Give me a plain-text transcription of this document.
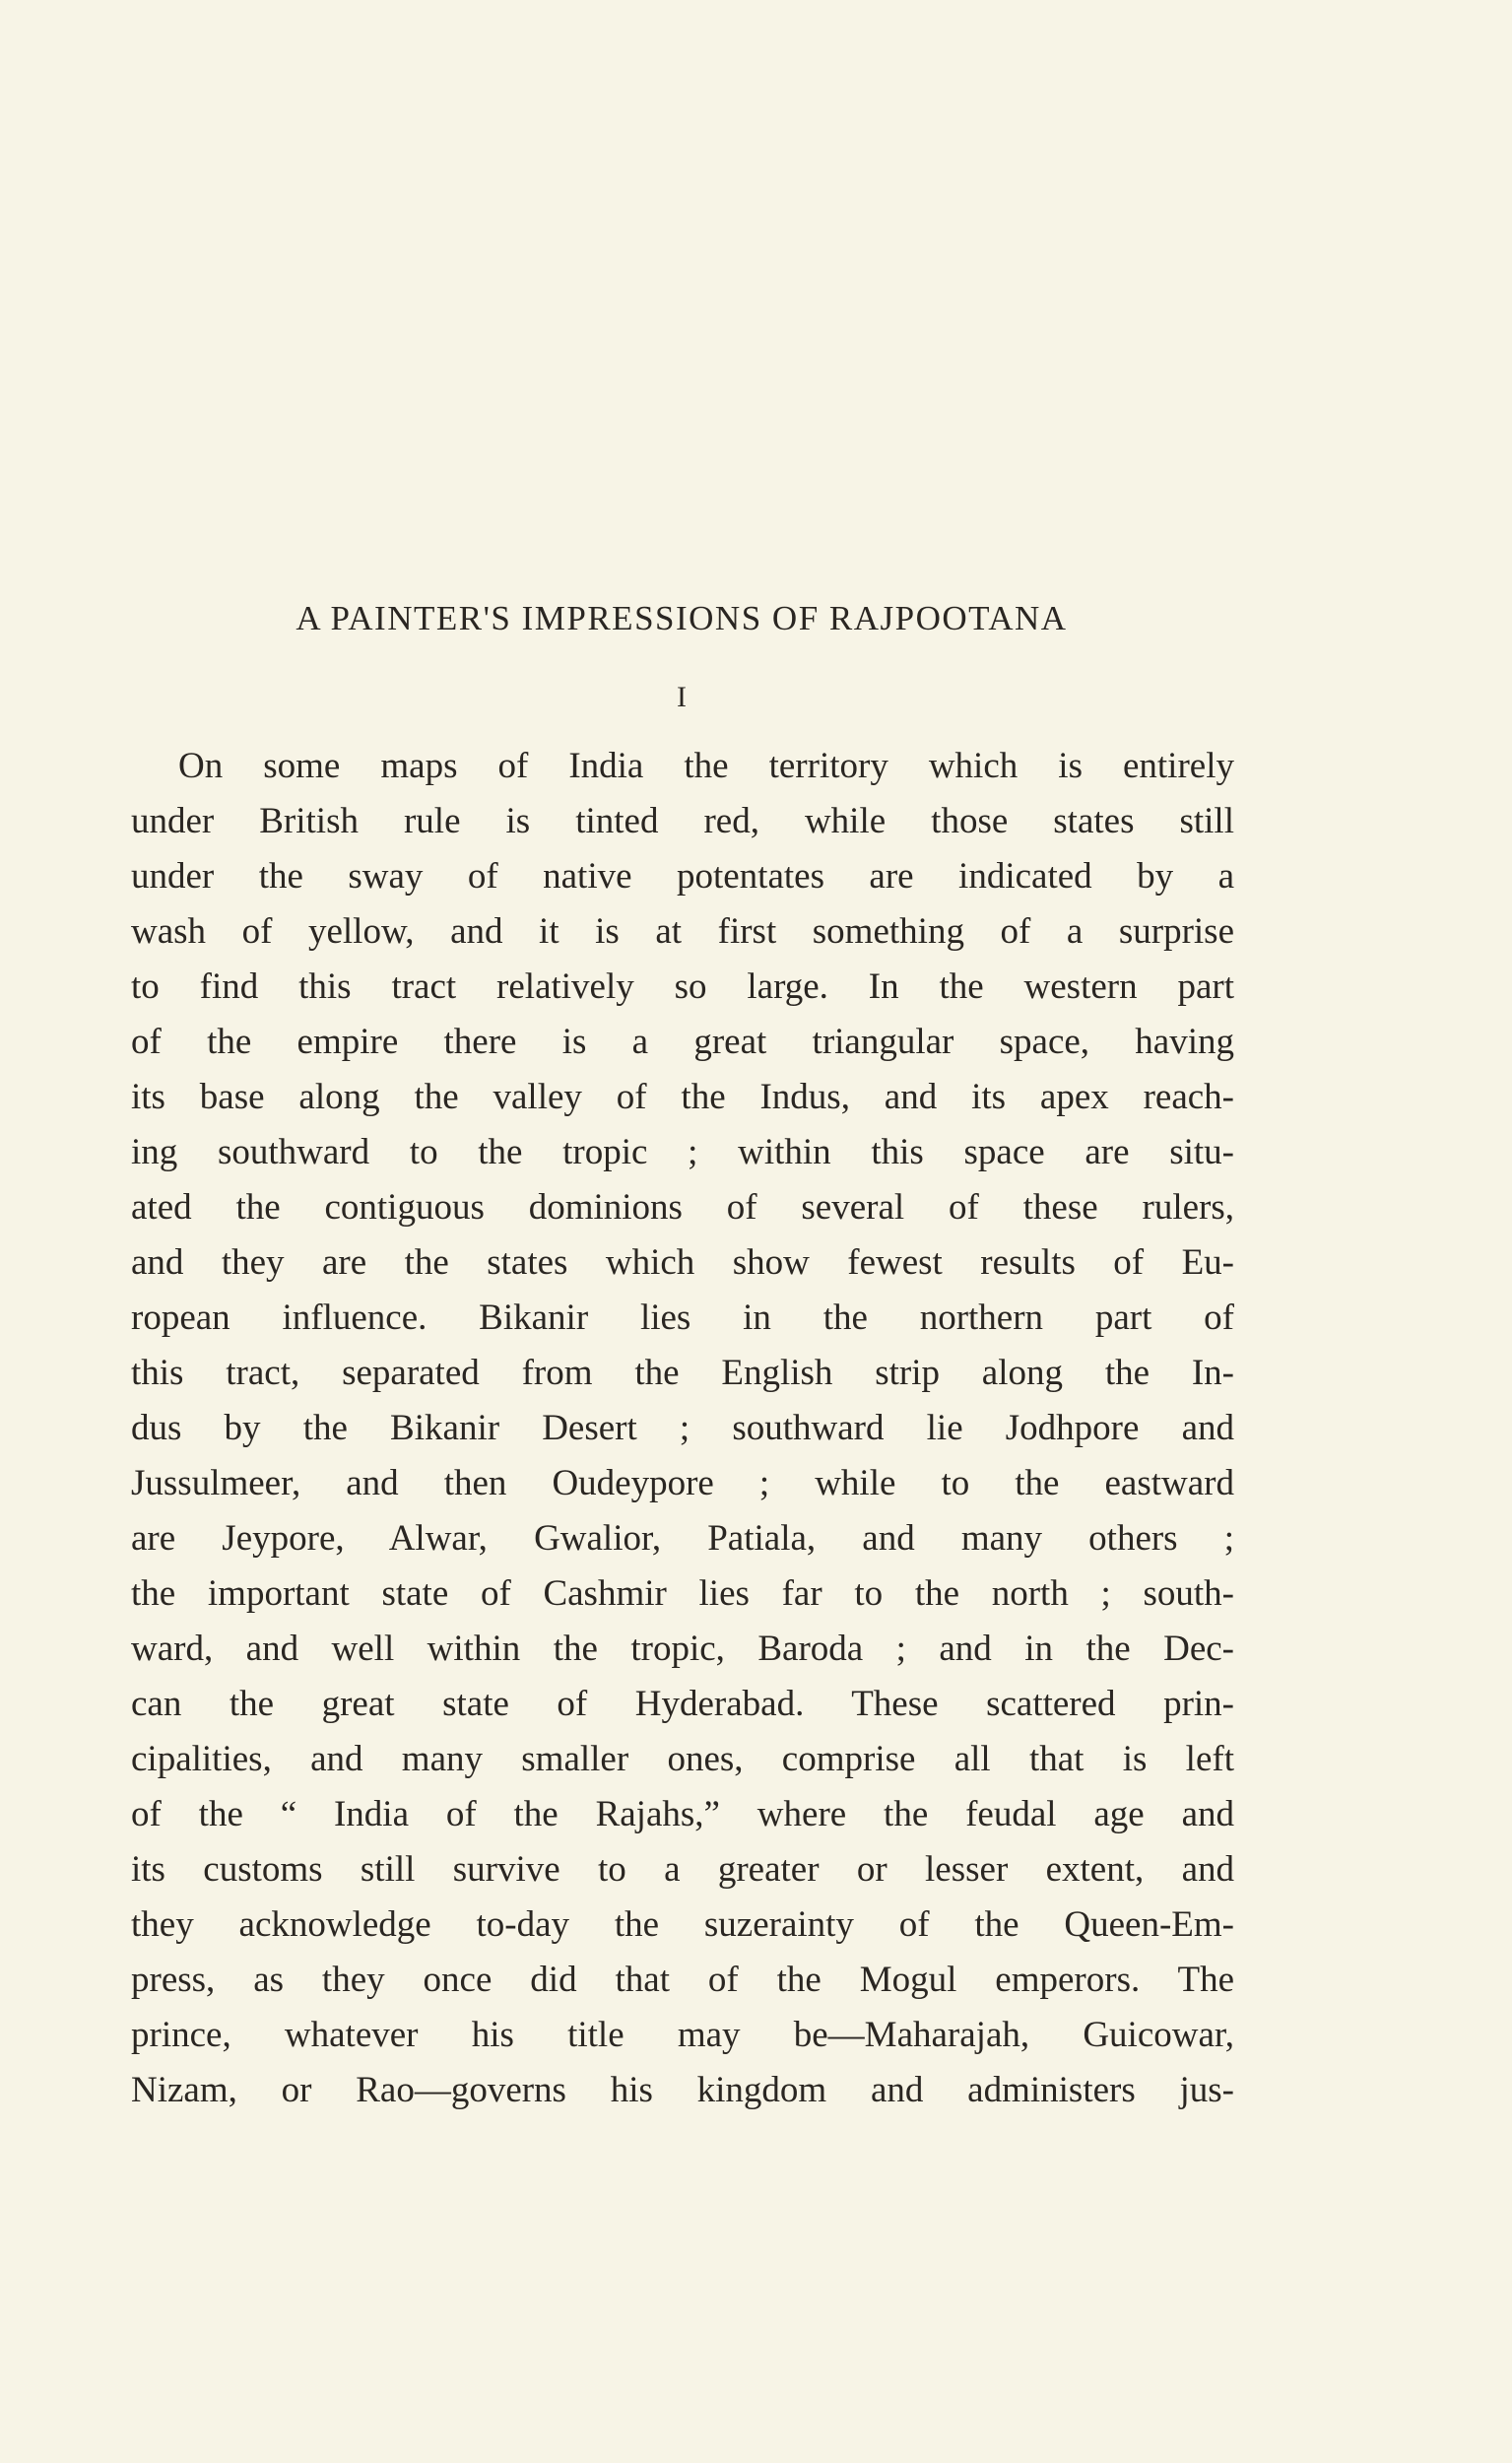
A PAINTER'S IMPRESSIONS OF RAJPOOTANA
I
On some maps of India the territory which is entirely
under British rule is tinted red, while those states still
under the sway of native potentates are indicated by a
wash of yellow, and it is at first something of a surprise
to find this tract relatively so large. In the western part
of the empire there is a great triangular space, having
its base along the valley of the Indus, and its apex reach-
ing southward to the tropic ; within this space are situ-
ated the contiguous dominions of several of these rulers,
and they are the states which show fewest results of Eu-
ropean influence. Bikanir lies in the northern part of
this tract, separated from the English strip along the In-
dus by the Bikanir Desert ; southward lie Jodhpore and
Jussulmeer, and then Oudeypore ; while to the eastward
are Jeypore, Alwar, Gwalior, Patiala, and many others ;
the important state of Cashmir lies far to the north ; south-
ward, and well within the tropic, Baroda ; and in the Dec-
can the great state of Hyderabad. These scattered prin-
cipalities, and many smaller ones, comprise all that is left
of the “ India of the Rajahs,” where the feudal age and
its customs still survive to a greater or lesser extent, and
they acknowledge to-day the suzerainty of the Queen-Em-
press, as they once did that of the Mogul emperors. The
prince, whatever his title may be—Maharajah, Guicowar,
Nizam, or Rao—governs his kingdom and administers jus-
